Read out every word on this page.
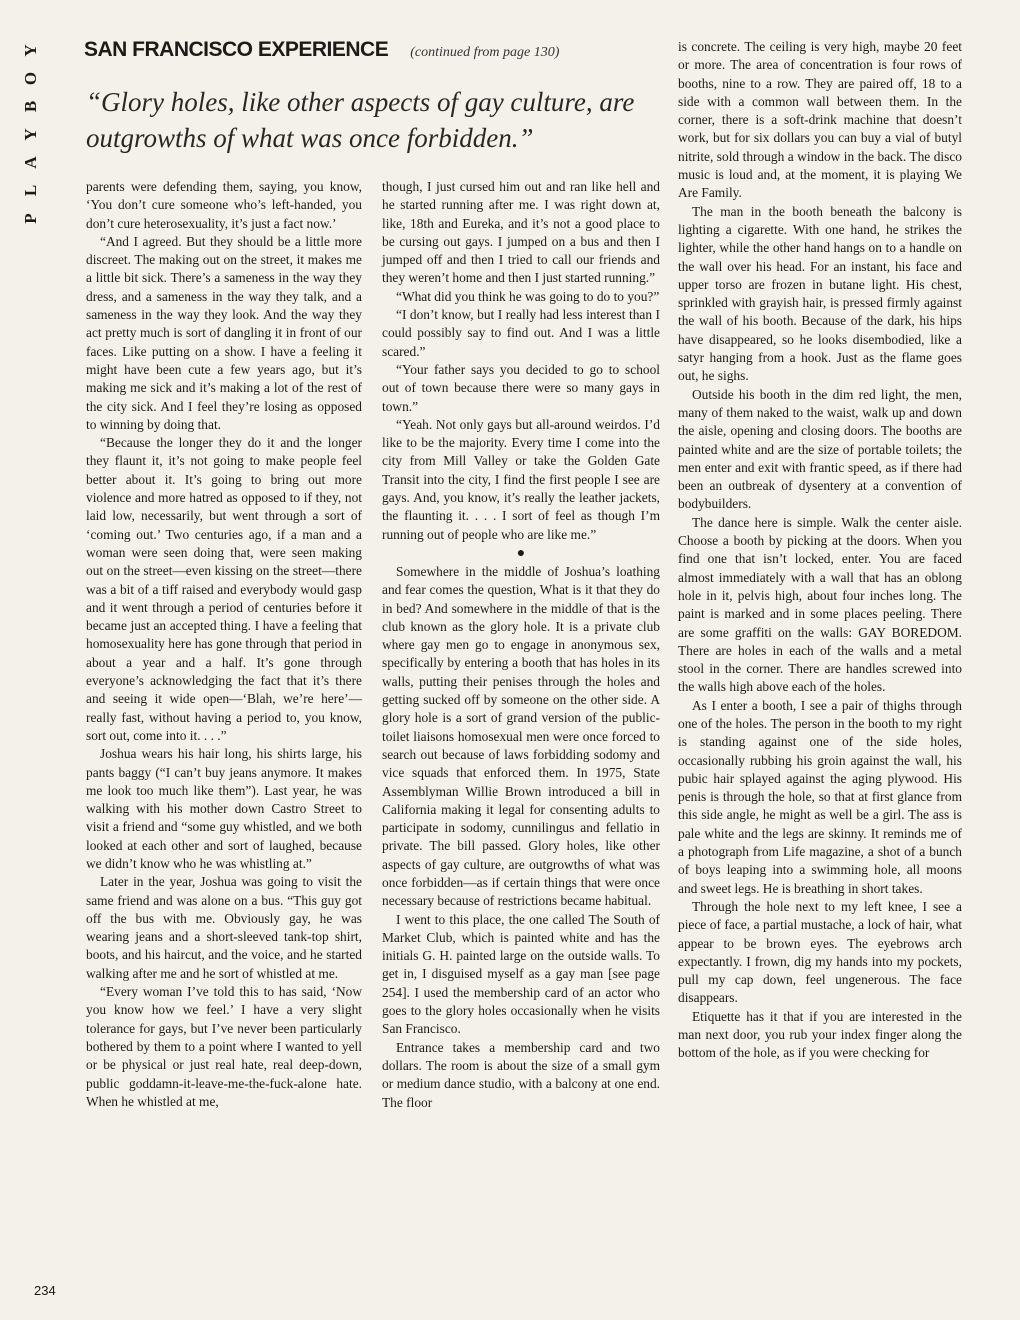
Y
O
B
Y
A
L
P
SAN FRANCISCO EXPERIENCE (continued from page 130)
“Glory holes, like other aspects of gay culture, are outgrowths of what was once forbidden.”

parents were defending them, saying, you know, ‘You don’t cure someone who’s left-handed, you don’t cure heterosexuality, it’s just a fact now.’

“And I agreed. But they should be a little more discreet. The making out on the street, it makes me a little bit sick. There’s a sameness in the way they dress, and a sameness in the way they talk, and a sameness in the way they look. And the way they act pretty much is sort of dangling it in front of our faces. Like putting on a show. I have a feeling it might have been cute a few years ago, but it’s making me sick and it’s making a lot of the rest of the city sick. And I feel they’re losing as opposed to winning by doing that.

“Because the longer they do it and the longer they flaunt it, it’s not going to make people feel better about it. It’s going to bring out more violence and more hatred as opposed to if they, not laid low, necessarily, but went through a sort of ‘coming out.’ Two centuries ago, if a man and a woman were seen doing that, were seen making out on the street—even kissing on the street—there was a bit of a tiff raised and everybody would gasp and it went through a period of centuries before it became just an accepted thing. I have a feeling that homosexuality here has gone through that period in about a year and a half. It’s gone through everyone’s acknowledging the fact that it’s there and seeing it wide open—‘Blah, we’re here’—really fast, without having a period to, you know, sort out, come into it. . . .”

Joshua wears his hair long, his shirts large, his pants baggy (“I can’t buy jeans anymore. It makes me look too much like them”). Last year, he was walking with his mother down Castro Street to visit a friend and “some guy whistled, and we both looked at each other and sort of laughed, because we didn’t know who he was whistling at.”

Later in the year, Joshua was going to visit the same friend and was alone on a bus. “This guy got off the bus with me. Obviously gay, he was wearing jeans and a short-sleeved tank-top shirt, boots, and his haircut, and the voice, and he started walking after me and he sort of whistled at me.

“Every woman I’ve told this to has said, ‘Now you know how we feel.’ I have a very slight tolerance for gays, but I’ve never been particularly bothered by them to a point where I wanted to yell or be physical or just real hate, real deep-down, public goddamn-it-leave-me-the-fuck-alone hate. When he whistled at me,

though, I just cursed him out and ran like hell and he started running after me. I was right down at, like, 18th and Eureka, and it’s not a good place to be cursing out gays. I jumped on a bus and then I jumped off and then I tried to call our friends and they weren’t home and then I just started running.”

“What did you think he was going to do to you?”

“I don’t know, but I really had less interest than I could possibly say to find out. And I was a little scared.”

“Your father says you decided to go to school out of town because there were so many gays in town.”

“Yeah. Not only gays but all-around weirdos. I’d like to be the majority. Every time I come into the city from Mill Valley or take the Golden Gate Transit into the city, I find the first people I see are gays. And, you know, it’s really the leather jackets, the flaunting it. . . . I sort of feel as though I’m running out of people who are like me.”

●

Somewhere in the middle of Joshua’s loathing and fear comes the question, What is it that they do in bed? And somewhere in the middle of that is the club known as the glory hole. It is a private club where gay men go to engage in anonymous sex, specifically by entering a booth that has holes in its walls, putting their penises through the holes and getting sucked off by someone on the other side. A glory hole is a sort of grand version of the public-toilet liaisons homosexual men were once forced to search out because of laws forbidding sodomy and vice squads that enforced them. In 1975, State Assemblyman Willie Brown introduced a bill in California making it legal for consenting adults to participate in sodomy, cunnilingus and fellatio in private. The bill passed. Glory holes, like other aspects of gay culture, are outgrowths of what was once forbidden—as if certain things that were once necessary because of restrictions became habitual.

I went to this place, the one called The South of Market Club, which is painted white and has the initials G. H. painted large on the outside walls. To get in, I disguised myself as a gay man [see page 254]. I used the membership card of an actor who goes to the glory holes occasionally when he visits San Francisco.

Entrance takes a membership card and two dollars. The room is about the size of a small gym or medium dance studio, with a balcony at one end. The floor

is concrete. The ceiling is very high, maybe 20 feet or more. The area of concentration is four rows of booths, nine to a row. They are paired off, 18 to a side with a common wall between them. In the corner, there is a soft-drink machine that doesn’t work, but for six dollars you can buy a vial of butyl nitrite, sold through a window in the back. The disco music is loud and, at the moment, it is playing We Are Family.

The man in the booth beneath the balcony is lighting a cigarette. With one hand, he strikes the lighter, while the other hand hangs on to a handle on the wall over his head. For an instant, his face and upper torso are frozen in butane light. His chest, sprinkled with grayish hair, is pressed firmly against the wall of his booth. Because of the dark, his hips have disappeared, so he looks disembodied, like a satyr hanging from a hook. Just as the flame goes out, he sighs.

Outside his booth in the dim red light, the men, many of them naked to the waist, walk up and down the aisle, opening and closing doors. The booths are painted white and are the size of portable toilets; the men enter and exit with frantic speed, as if there had been an outbreak of dysentery at a convention of bodybuilders.

The dance here is simple. Walk the center aisle. Choose a booth by picking at the doors. When you find one that isn’t locked, enter. You are faced almost immediately with a wall that has an oblong hole in it, pelvis high, about four inches long. The paint is marked and in some places peeling. There are some graffiti on the walls: GAY BOREDOM. There are holes in each of the walls and a metal stool in the corner. There are handles screwed into the walls high above each of the holes.

As I enter a booth, I see a pair of thighs through one of the holes. The person in the booth to my right is standing against one of the side holes, occasionally rubbing his groin against the wall, his pubic hair splayed against the aging plywood. His penis is through the hole, so that at first glance from this side angle, he might as well be a girl. The ass is pale white and the legs are skinny. It reminds me of a photograph from Life magazine, a shot of a bunch of boys leaping into a swimming hole, all moons and sweet legs. He is breathing in short takes.

Through the hole next to my left knee, I see a piece of face, a partial mustache, a lock of hair, what appear to be brown eyes. The eyebrows arch expectantly. I frown, dig my hands into my pockets, pull my cap down, feel ungenerous. The face disappears.

Etiquette has it that if you are interested in the man next door, you rub your index finger along the bottom of the hole, as if you were checking for

234
